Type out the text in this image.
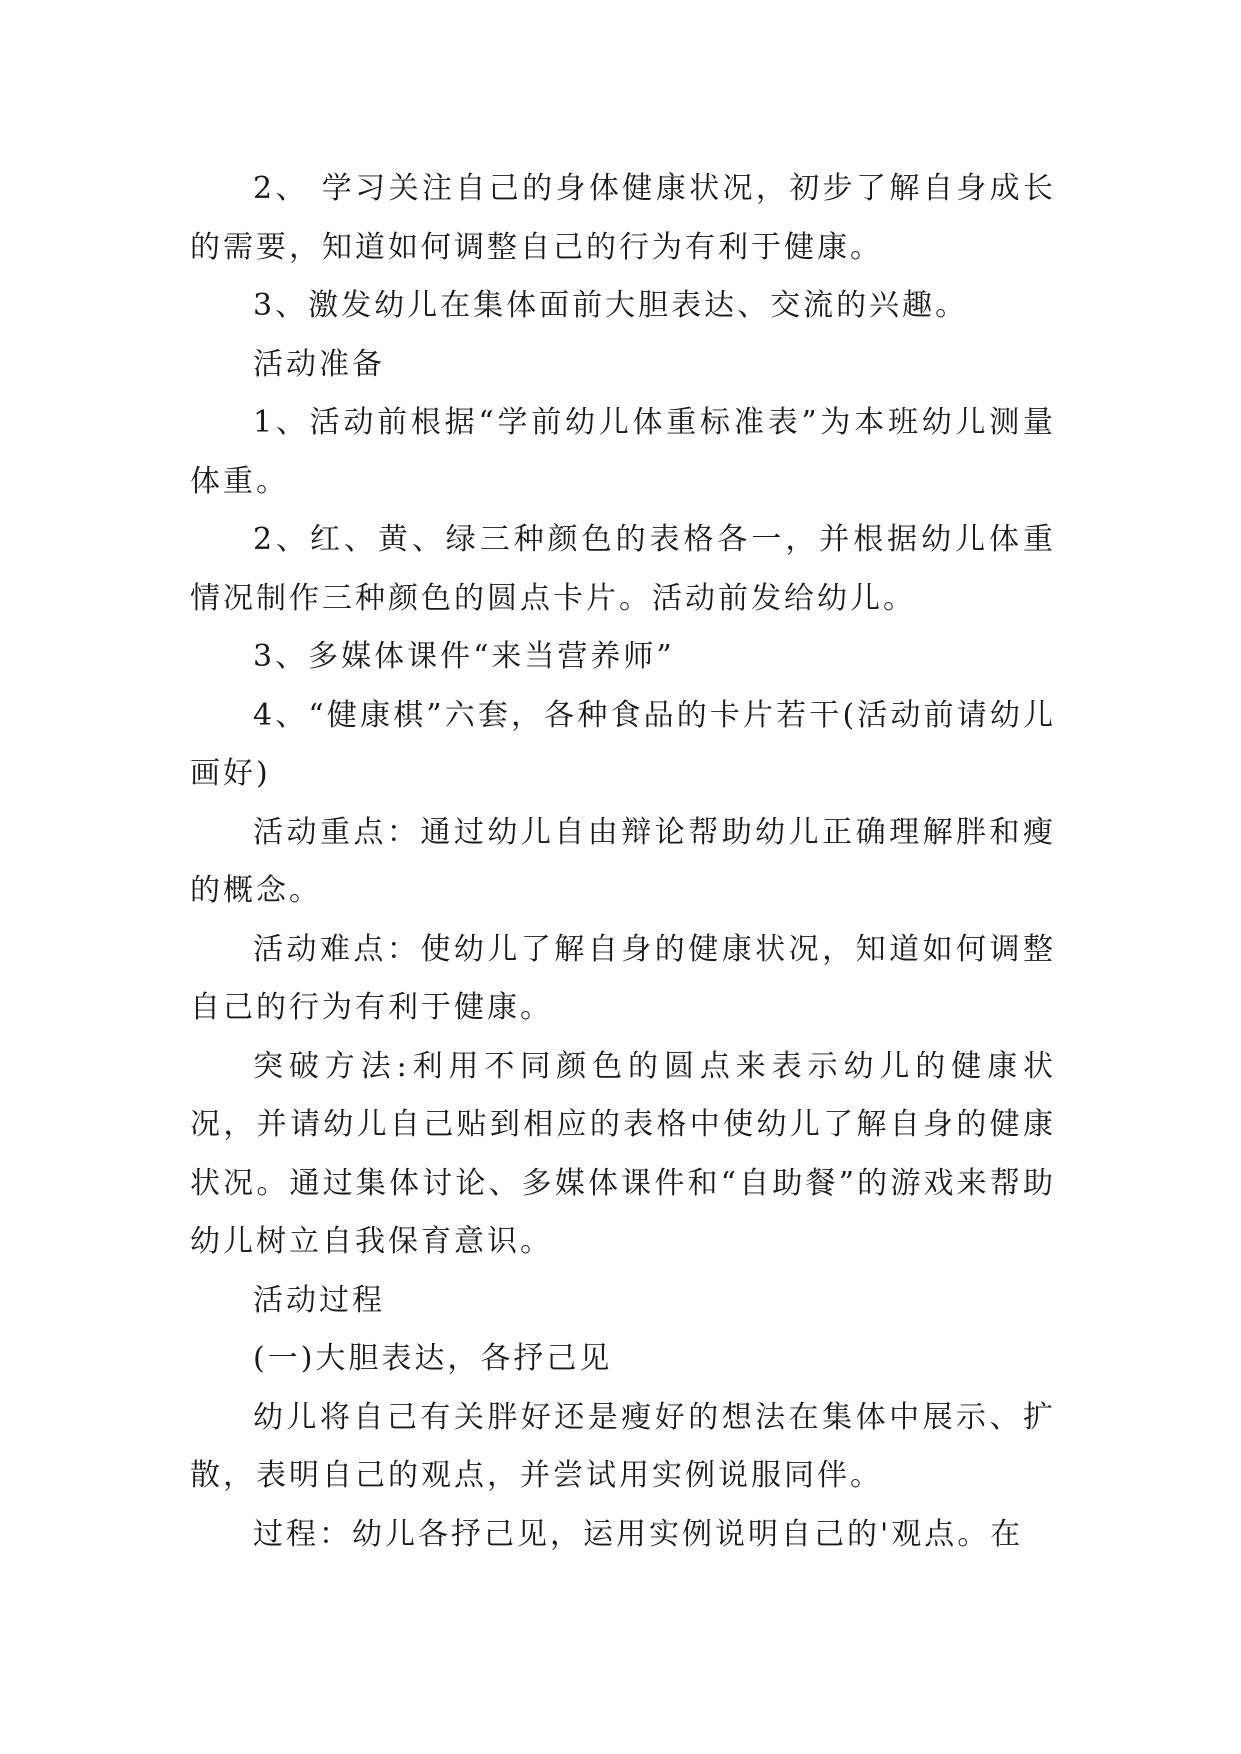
2、 学习关注自己的身体健康状况，初步了解自身成长的需要，知道如何调整自己的行为有利于健康。

3、激发幼儿在集体面前大胆表达、交流的兴趣。

活动准备

1、活动前根据“学前幼儿体重标准表”为本班幼儿测量体重。

2、红、黄、绿三种颜色的表格各一，并根据幼儿体重情况制作三种颜色的圆点卡片。活动前发给幼儿。

3、多媒体课件“来当营养师”

4、“健康棋”六套，各种食品的卡片若干(活动前请幼儿画好)

活动重点：通过幼儿自由辩论帮助幼儿正确理解胖和瘦的概念。

活动难点：使幼儿了解自身的健康状况，知道如何调整自己的行为有利于健康。

突破方法:利用不同颜色的圆点来表示幼儿的健康状况，并请幼儿自己贴到相应的表格中使幼儿了解自身的健康状况。通过集体讨论、多媒体课件和“自助餐”的游戏来帮助幼儿树立自我保育意识。

活动过程

(一)大胆表达，各抒己见

幼儿将自己有关胖好还是瘦好的想法在集体中展示、扩散，表明自己的观点，并尝试用实例说服同伴。

过程：幼儿各抒己见，运用实例说明自己的'观点。在
